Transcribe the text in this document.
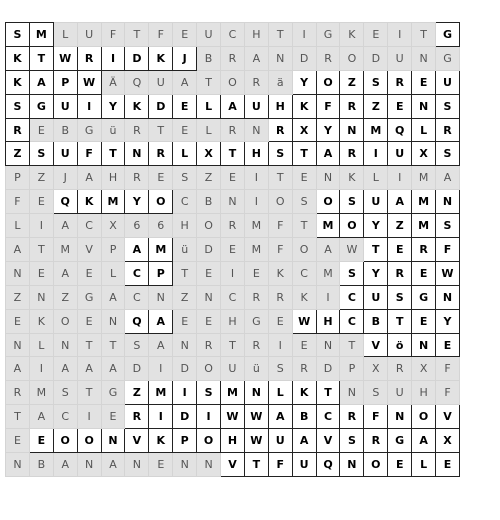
S	M	L	U	F	T	F	E	U	C	H	T	I	G	K	E	I	T	G
K	T	W	R	I	D	K	J	B	R	A	N	D	R	O	D	U	N	G
K	A	P	W	Ä	Q	U	A	T	O	R	ä	Y	O	Z	S	R	E	U
S	G	U	I	Y	K	D	E	L	A	U	H	K	F	R	Z	E	N	S
R	E	B	G	ü	R	T	E	L	R	N	R	X	Y	N	M	Q	L	R
Z	S	U	F	T	N	R	L	X	T	H	S	T	A	R	I	U	X	S
P	Z	J	A	H	R	E	S	Z	E	I	T	E	N	K	L	I	M	A
F	E	Q	K	M	Y	O	C	B	N	I	O	S	O	S	U	A	M	N
L	I	A	C	X	6	6	H	O	R	M	F	T	M	O	Y	Z	M	S
A	T	M	V	P	A	M	ü	D	E	M	F	O	A	W	T	E	R	F
N	E	A	E	L	C	P	T	E	I	E	K	C	M	S	Y	R	E	W
Z	N	Z	G	A	C	N	Z	N	C	R	R	K	I	C	U	S	G	N
E	K	O	E	N	Q	A	E	E	H	G	E	W	H	C	B	T	E	Y
N	L	N	T	T	S	A	N	R	T	R	I	E	N	T	V	ö	N	E
A	I	A	A	A	D	I	D	O	U	ü	S	R	D	P	X	R	X	F
R	M	S	T	G	Z	M	I	S	M	N	L	K	T	N	S	U	H	F
T	A	C	I	E	R	I	D	I	W	W	A	B	C	R	F	N	O	V
E	E	O	O	N	V	K	P	O	H	W	U	A	V	S	R	G	A	X
N	B	A	N	A	N	E	N	N	V	T	F	U	Q	N	O	E	L	E
